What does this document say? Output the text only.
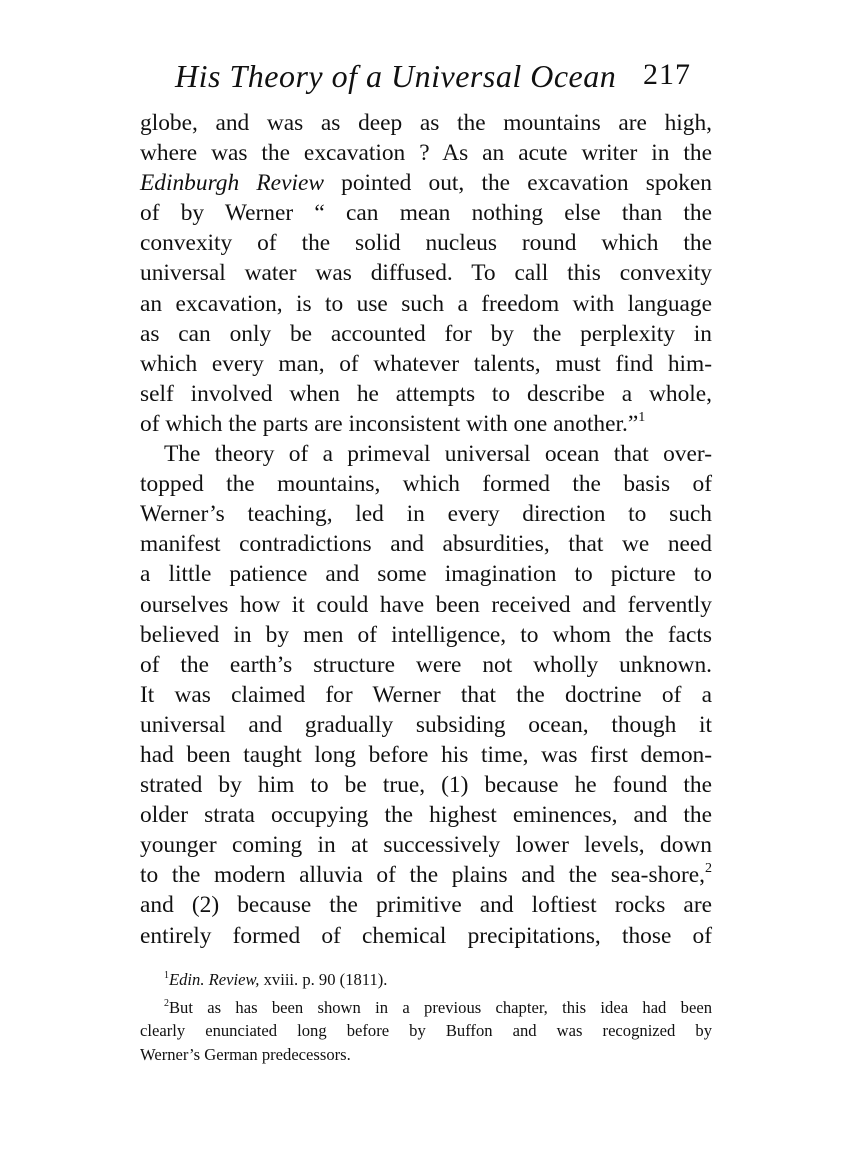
His Theory of a Universal Ocean 217
globe, and was as deep as the mountains are high,
where was the excavation ? As an acute writer in the
Edinburgh Review pointed out, the excavation spoken
of by Werner “ can mean nothing else than the
convexity of the solid nucleus round which the
universal water was diffused. To call this convexity
an excavation, is to use such a freedom with language
as can only be accounted for by the perplexity in
which every man, of whatever talents, must find him-
self involved when he attempts to describe a whole,
of which the parts are inconsistent with one another.”$^1$
The theory of a primeval universal ocean that over-
topped the mountains, which formed the basis of
Werner’s teaching, led in every direction to such
manifest contradictions and absurdities, that we need
a little patience and some imagination to picture to
ourselves how it could have been received and fervently
believed in by men of intelligence, to whom the facts
of the earth’s structure were not wholly unknown.
It was claimed for Werner that the doctrine of a
universal and gradually subsiding ocean, though it
had been taught long before his time, was first demon-
strated by him to be true, (1) because he found the
older strata occupying the highest eminences, and the
younger coming in at successively lower levels, down
to the modern alluvia of the plains and the sea-shore,$^2$
and (2) because the primitive and loftiest rocks are
entirely formed of chemical precipitations, those of
$^1$Edin. Review, xviii. p. 90 (1811).
$^2$But as has been shown in a previous chapter, this idea had been
clearly enunciated long before by Buffon and was recognized by
Werner’s German predecessors.
